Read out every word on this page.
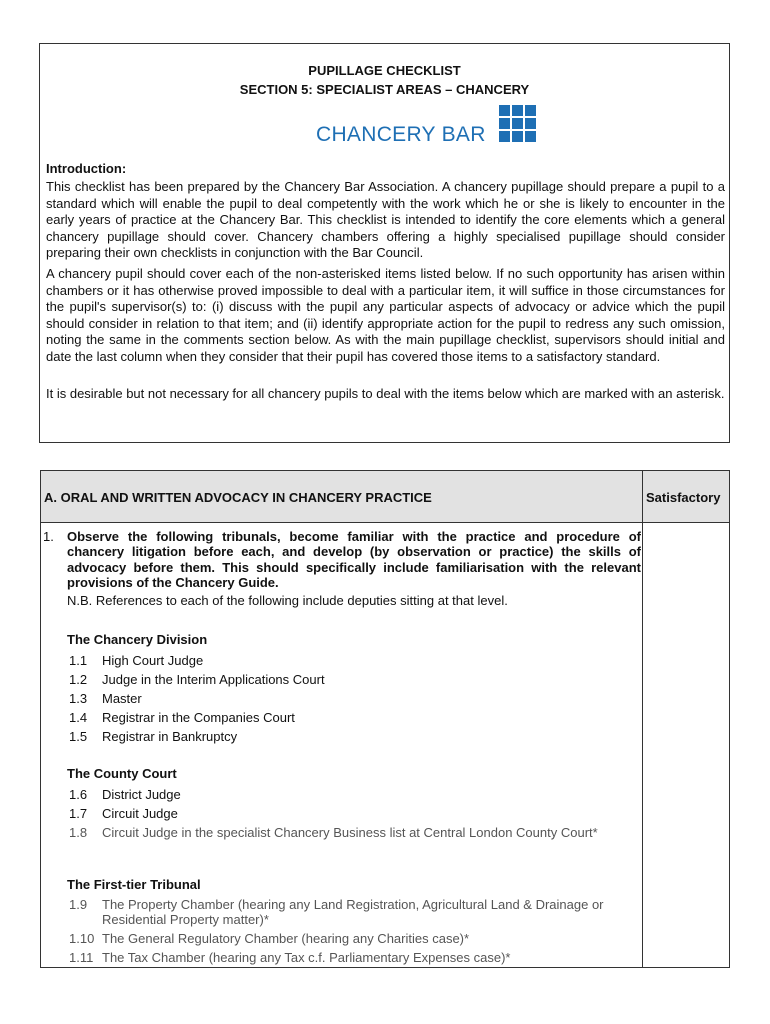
PUPILLAGE CHECKLIST
SECTION 5: SPECIALIST AREAS – CHANCERY
CHANCERY BAR
Introduction:
This checklist has been prepared by the Chancery Bar Association. A chancery pupillage should prepare a pupil to a standard which will enable the pupil to deal competently with the work which he or she is likely to encounter in the early years of practice at the Chancery Bar. This checklist is intended to identify the core elements which a general chancery pupillage should cover. Chancery chambers offering a highly specialised pupillage should consider preparing their own checklists in conjunction with the Bar Council.
A chancery pupil should cover each of the non-asterisked items listed below. If no such opportunity has arisen within chambers or it has otherwise proved impossible to deal with a particular item, it will suffice in those circumstances for the pupil's supervisor(s) to: (i) discuss with the pupil any particular aspects of advocacy or advice which the pupil should consider in relation to that item; and (ii) identify appropriate action for the pupil to redress any such omission, noting the same in the comments section below. As with the main pupillage checklist, supervisors should initial and date the last column when they consider that their pupil has covered those items to a satisfactory standard.
It is desirable but not necessary for all chancery pupils to deal with the items below which are marked with an asterisk.
A. ORAL AND WRITTEN ADVOCACY IN CHANCERY PRACTICE	Satisfactory
1. Observe the following tribunals, become familiar with the practice and procedure of chancery litigation before each, and develop (by observation or practice) the skills of advocacy before them. This should specifically include familiarisation with the relevant provisions of the Chancery Guide.
N.B. References to each of the following include deputies sitting at that level.
The Chancery Division
1.1 High Court Judge
1.2 Judge in the Interim Applications Court
1.3 Master
1.4 Registrar in the Companies Court
1.5 Registrar in Bankruptcy
The County Court
1.6 District Judge
1.7 Circuit Judge
1.8 Circuit Judge in the specialist Chancery Business list at Central London County Court*
The First-tier Tribunal
1.9 The Property Chamber (hearing any Land Registration, Agricultural Land & Drainage or Residential Property matter)*
1.10 The General Regulatory Chamber (hearing any Charities case)*
1.11 The Tax Chamber (hearing any Tax c.f. Parliamentary Expenses case)*
